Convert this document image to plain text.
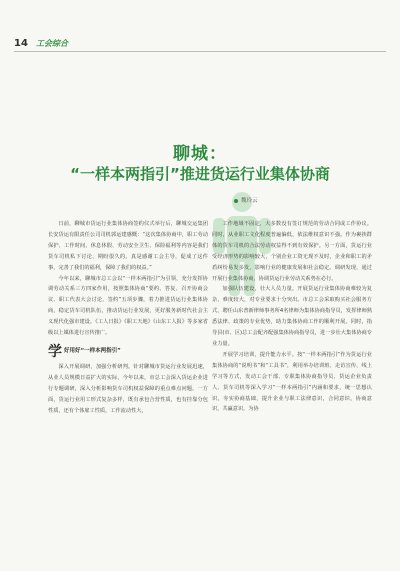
14 工会综合
聊城：
“一样本两指引”推进货运行业集体协商
魏玲云

日前，聊城市货运行业集体协商签约仪式举行后，聊城交运集团长安货运有限责任公司司机郭运建感慨：“这次集体协商中，职工劳动保护、工作时间、休息休假、劳动安全卫生、保险福利等内容是我们货车司机私下讨论、期盼很久的。真是感谢工会主导，促成了这件事，完善了我们的福利，保障了我们的权益。”

今年以来，聊城市总工会以“一样本两指引”为引领，充分发挥协调劳动关系三方四家作用，按照集体协商“要约、答复、召开协商会议、职工代表大会讨论、签约”五项步骤，着力推进货运行业集体协商，稳定货车司机队伍，推动货运行业发展，更好服务新时代社会主义现代化强市建设。《工人日报》《职工天地》《山东工人报》等多家省级以上媒体进行宣传推广。

学 好用好“一样本两指引”

深入开展调研，加强分析研判。针对聊城市货运行业发展迅速，从业人员规模日益扩大的实际，今年以来，市总工会深入货运企业进行专题调研，深入分析影响货车司机权益保障的重点难点问题。一方面，货运行业用工形式复杂多样，既有承包合营性质，也有挂靠分包性质，还有个体雇工性质，工作流动性大，

工作地域不固定，大多数没有签订规范的劳动合同或工作协议。同时，从业职工文化程度普遍偏低，依法维权意识不强。作为裹挟群体的货车司机的合法劳动权益得不到有效保护。另一方面，货运行业受经济形势的影响较大，个别企业工资无现不及时，企业和职工的矛盾纠纷易发多发，影响行业的健康发展和社会稳定。调研发现，通过开展行业集体协商，协调货运行业劳动关系势在必行。

加强队伍建设，壮大人员力量。开展货运行业集体协商难较为复杂，难度较大，对专业要求十分突出。市总工会采取购买社会服务方式，聘任山东普新律师事务所4名律师为集体协商指导员，发挥律师熟悉法律、政策的专业优势，助力集体协商工作的顺利开展。同时，指导县(市、区)总工会配齐配强集体协商指导员，进一步壮大集体协商专业力量。

开展学习培训，提升能力水平。按“一样本两指引”作为货运行业集体协商的“说明书”和“工具书”，利用举办培训班、走访宣传、线上学习等方式，发动工会干部、专职集体协商指导员、货运企业负责人、货车司机等深入学习“一样本两指引”内涵和要求，统一思想认识，夯实协商基础，提升企业与职工法律意识，合同意识，协商意识，共赢意识，为协
